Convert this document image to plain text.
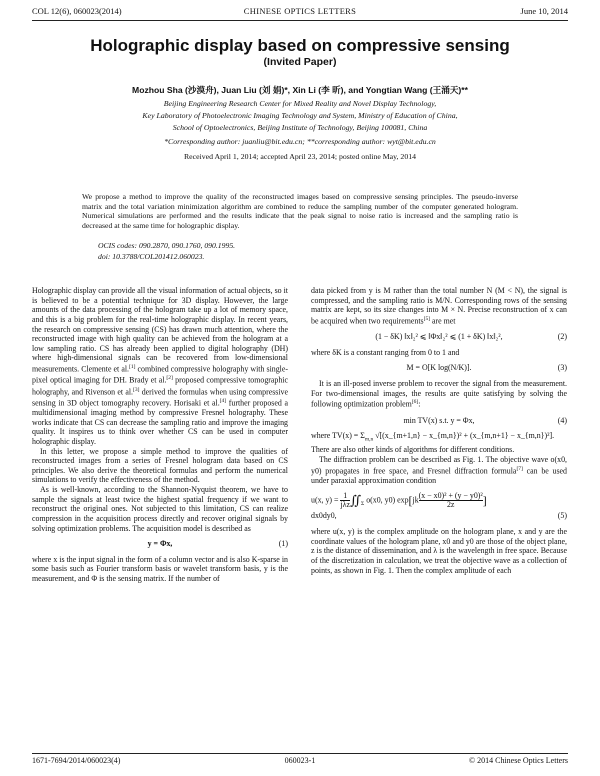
COL 12(6), 060023(2014)	CHINESE OPTICS LETTERS	June 10, 2014
Holographic display based on compressive sensing
(Invited Paper)
Mozhou Sha (沙漠舟), Juan Liu (刘 娟)*, Xin Li (李 昕), and Yongtian Wang (王涌天)**
Beijing Engineering Research Center for Mixed Reality and Novel Display Technology,
Key Laboratory of Photoelectronic Imaging Technology and System, Ministry of Education of China,
School of Optoelectronics, Beijing Institute of Technology, Beijing 100081, China
*Corresponding author: juanliu@bit.edu.cn; **corresponding author: wyt@bit.edu.cn
Received April 1, 2014; accepted April 23, 2014; posted online May, 2014

We propose a method to improve the quality of the reconstructed images based on compressive sensing principles. The pseudo-inverse matrix and the total variation minimization algorithm are combined to reduce the sampling number of the computer generated hologram. Numerical simulations are performed and the results indicate that the peak signal to noise ratio is increased and the sampling ratio is decreased at the same time for holographic display.

OCIS codes: 090.2870, 090.1760, 090.1995.
doi: 10.3788/COL201412.060023.

Holographic display can provide all the visual information of actual objects, so it is believed to be a potential technique for 3D display. However, the large amounts of the data processing of the hologram take up a lot of memory space, and this is a big problem for the real-time holographic display. In recent years, the research on compressive sensing (CS) has drawn much attention, where the reconstructed image with high quality can be achieved from the hologram at a low sampling ratio. CS has already been applied to digital holography (DH) where high-dimensional signals can be recovered from low-dimensional measurements. Clemente et al.[1] combined compressive holography with single-pixel optical imaging for DH. Brady et al.[2] proposed compressive tomographic holography, and Rivenson et al.[3] derived the formulas when using compressive sensing in 3D object tomography recovery. Horisaki et al.[4] further proposed a multidimensional imaging method by compressive Fresnel holography. These works indicate that CS can decrease the sampling ratio and improve the imaging quality. It inspires us to think over whether CS can be used in computer holographic display.

In this letter, we propose a simple method to improve the qualities of reconstructed images from a series of Fresnel hologram data based on CS principles. We also derive the theoretical formulas and perform the numerical simulations to verify the effectiveness of the method.

As is well-known, according to the Shannon-Nyquist theorem, we have to sample the signals at least twice the highest spatial frequency if we want to reconstruct the original ones. Not subjected to this limitation, CS can realize compression in the acquisition process directly and recover original signals by solving optimization problems. The acquisition model is described as

y = Φx,	(1)

where x is the input signal in the form of a column vector and is also K-sparse in some basis such as Fourier transform basis or wavelet transform basis, y is the measurement, and Φ is the sensing matrix. If the number of

data picked from y is M rather than the total number N (M < N), the signal is compressed, and the sampling ratio is M/N. Corresponding rows of the sensing matrix are kept, so its size changes into M × N. Precise reconstruction of x can be acquired when two requirements[5] are met

(1 − δK) ‖x‖₂² ⩽ ‖Φx‖₂² ⩽ (1 + δK) ‖x‖₂²,	(2)

where δK is a constant ranging from 0 to 1 and

M = O[K log(N/K)].	(3)

It is an ill-posed inverse problem to recover the signal from the measurement. For two-dimensional images, the results are quite satisfying by solving the following optimization problem[6]:

min TV(x) s.t. y = Φx,	(4)

where $TV(x) = \Sigma_{m,n}$ √[(x_{m+1,n} − x_{m,n})² + (x_{m,n+1} − x_{m,n})²].

There are also other kinds of algorithms for different conditions.

The diffraction problem can be described as Fig. 1. The objective wave o(x0, y0) propagates in free space, and Fresnel diffraction formula[7] can be used under paraxial approximation condition

u(x, y) = 1
jλz $∬_\Sigma$ o(x0, y0) $\exp[jk \frac{\text{(x − x0)² + (y − y0)²}}{2z}$ ]
dx0dy0,	(5)

where u(x, y) is the complex amplitude on the hologram plane, x and y are the coordinate values of the hologram plane, x0 and y0 are those of the object plane, z is the distance of dissemination, and λ is the wavelength in free space. Because of the discretization in calculation, we treat the objective wave as a collection of points, as shown in Fig. 1. Then the complex amplitude of each

1671-7694/2014/060023(4)	060023-1	© 2014 Chinese Optics Letters
